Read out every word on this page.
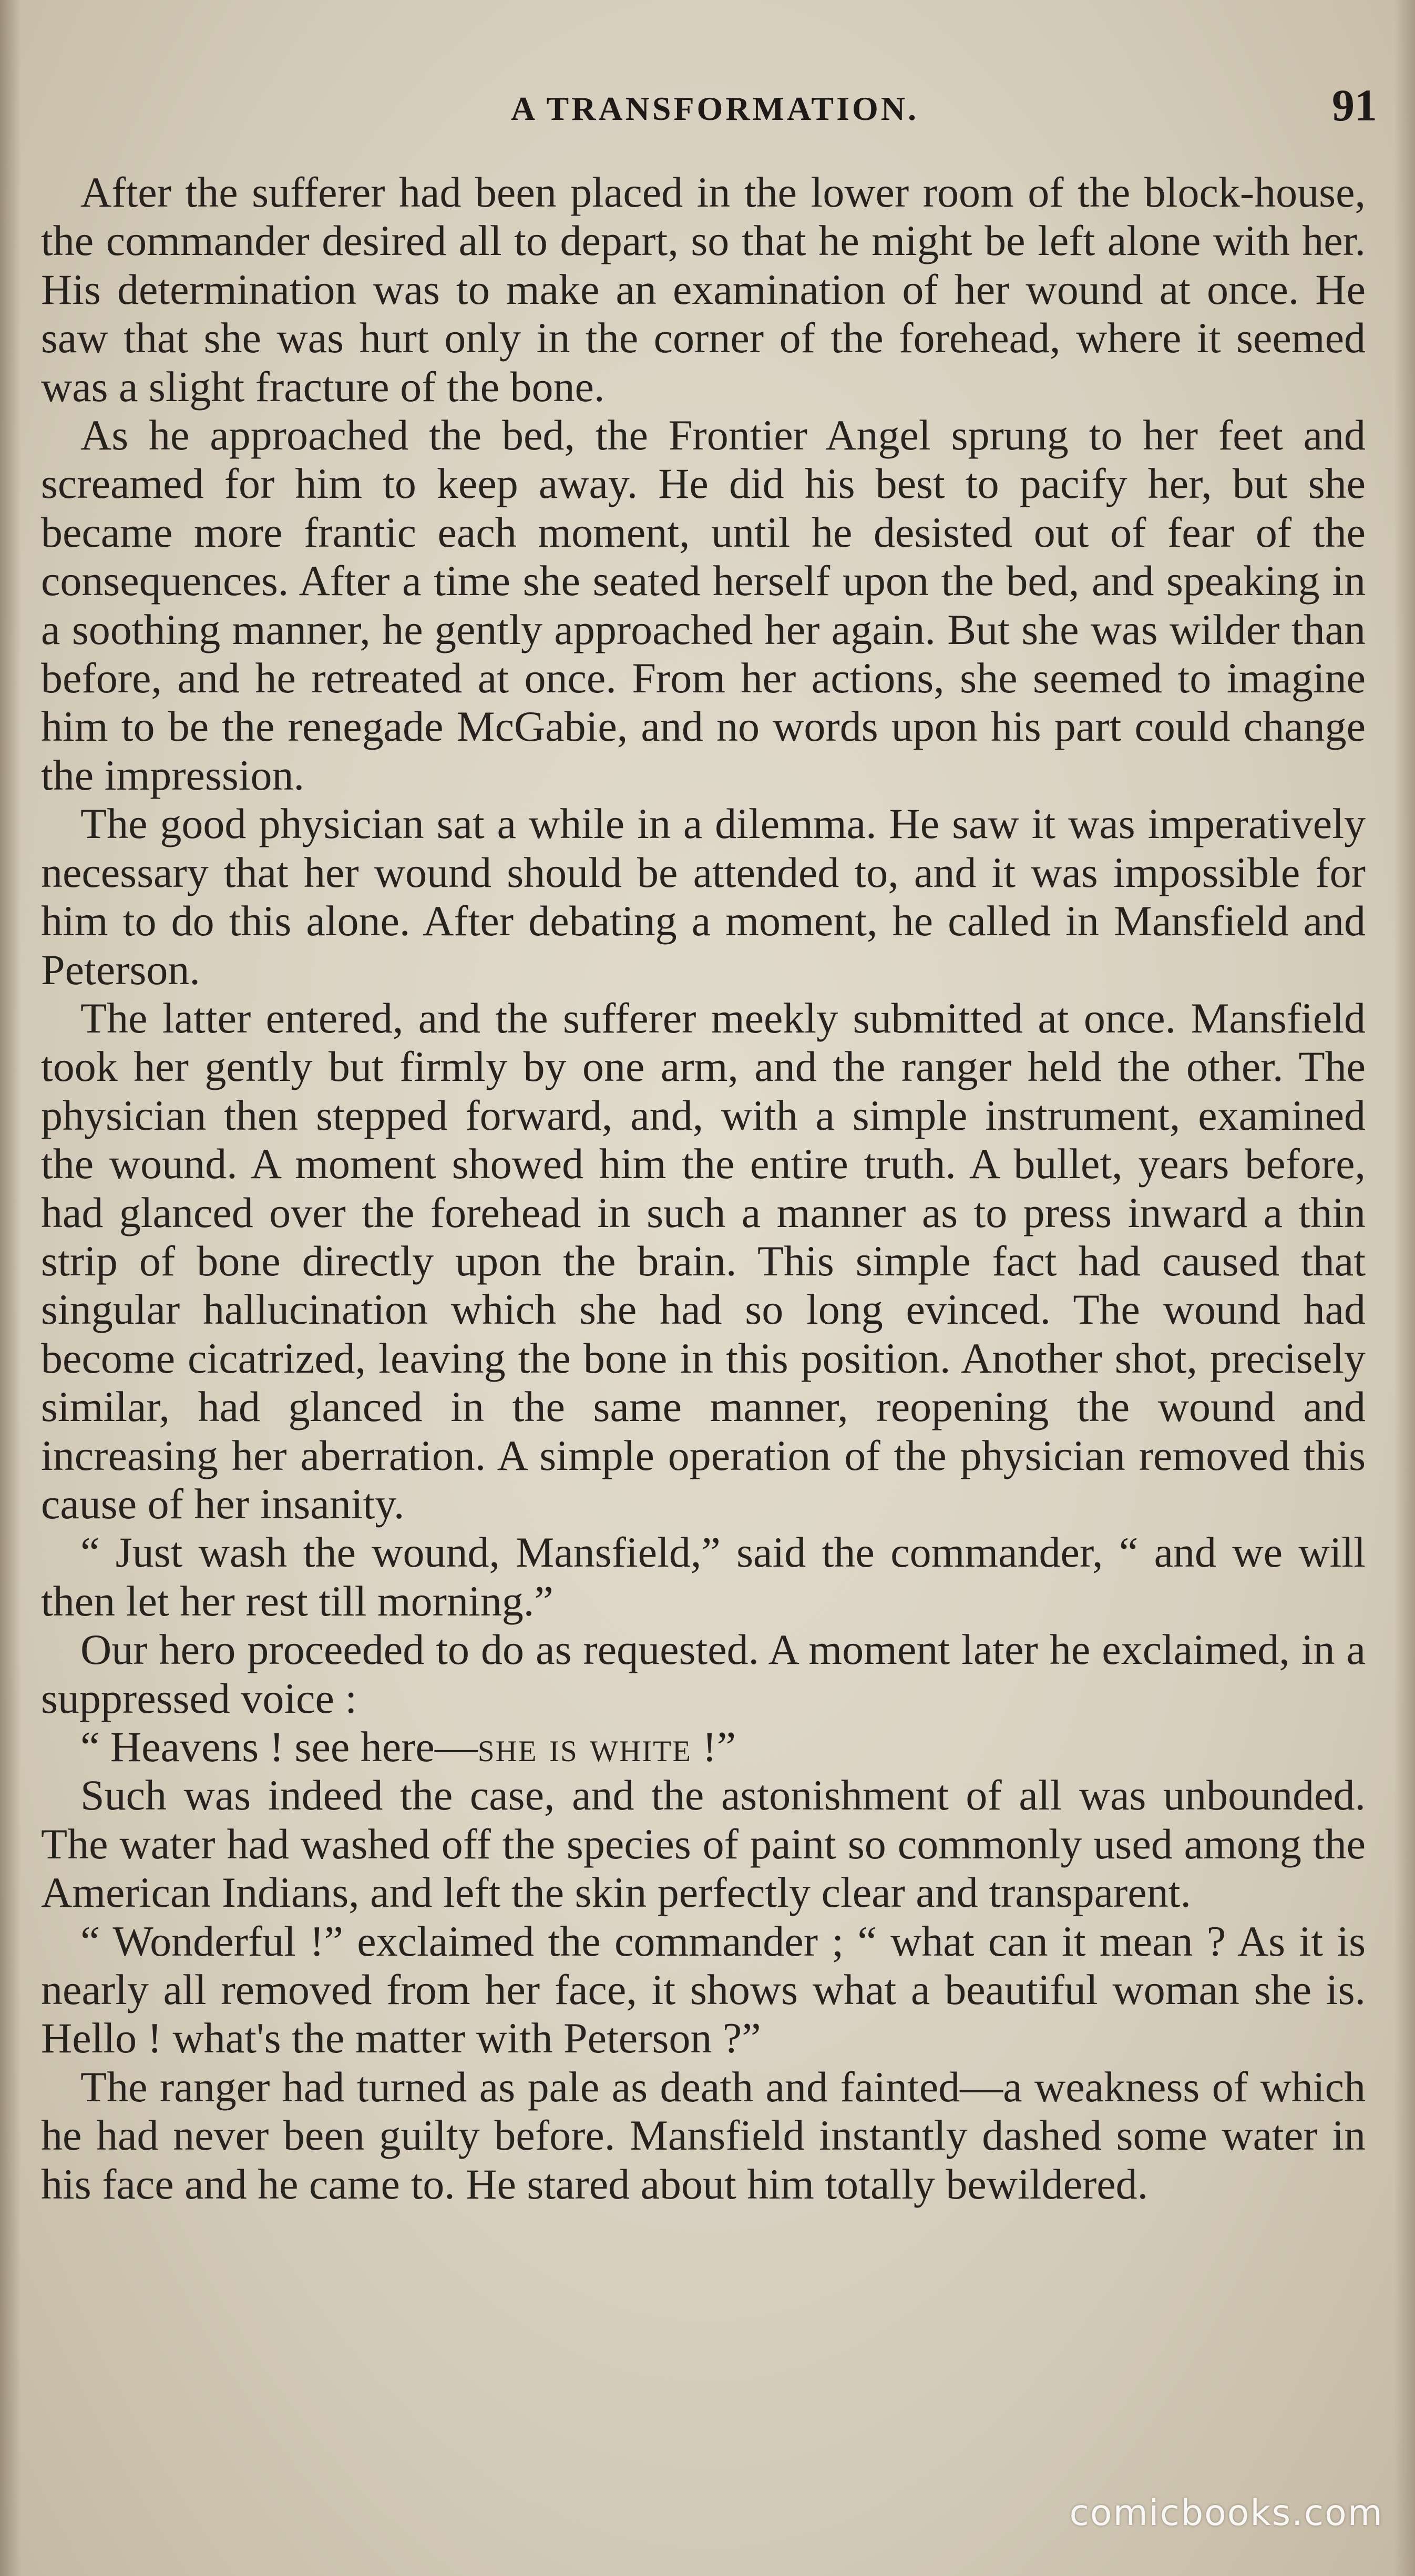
A TRANSFORMATION.	91

After the sufferer had been placed in the lower room of the block-house, the commander desired all to depart, so that he might be left alone with her. His determination was to make an examination of her wound at once. He saw that she was hurt only in the corner of the forehead, where it seemed was a slight fracture of the bone.

As he approached the bed, the Frontier Angel sprung to her feet and screamed for him to keep away. He did his best to pacify her, but she became more frantic each moment, until he desisted out of fear of the consequences. After a time she seated herself upon the bed, and speaking in a soothing manner, he gently approached her again. But she was wilder than before, and he retreated at once. From her actions, she seemed to imagine him to be the renegade McGabie, and no words upon his part could change the impression.

The good physician sat a while in a dilemma. He saw it was imperatively necessary that her wound should be attended to, and it was impossible for him to do this alone. After debating a moment, he called in Mansfield and Peterson.

The latter entered, and the sufferer meekly submitted at once. Mansfield took her gently but firmly by one arm, and the ranger held the other. The physician then stepped forward, and, with a simple instrument, examined the wound. A moment showed him the entire truth. A bullet, years before, had glanced over the forehead in such a manner as to press inward a thin strip of bone directly upon the brain. This simple fact had caused that singular hallucination which she had so long evinced. The wound had become cicatrized, leaving the bone in this position. Another shot, precisely similar, had glanced in the same manner, reopening the wound and increasing her aberration. A simple operation of the physician removed this cause of her insanity.

“ Just wash the wound, Mansfield,” said the commander, “ and we will then let her rest till morning.”

Our hero proceeded to do as requested. A moment later he exclaimed, in a suppressed voice :

“ Heavens ! see here—she is white !”

Such was indeed the case, and the astonishment of all was unbounded. The water had washed off the species of paint so commonly used among the American Indians, and left the skin perfectly clear and transparent.

“ Wonderful !” exclaimed the commander ; “ what can it mean ? As it is nearly all removed from her face, it shows what a beautiful woman she is. Hello ! what's the matter with Peterson ?”

The ranger had turned as pale as death and fainted—a weakness of which he had never been guilty before. Mansfield instantly dashed some water in his face and he came to. He stared about him totally bewildered.

comicbooks.com
